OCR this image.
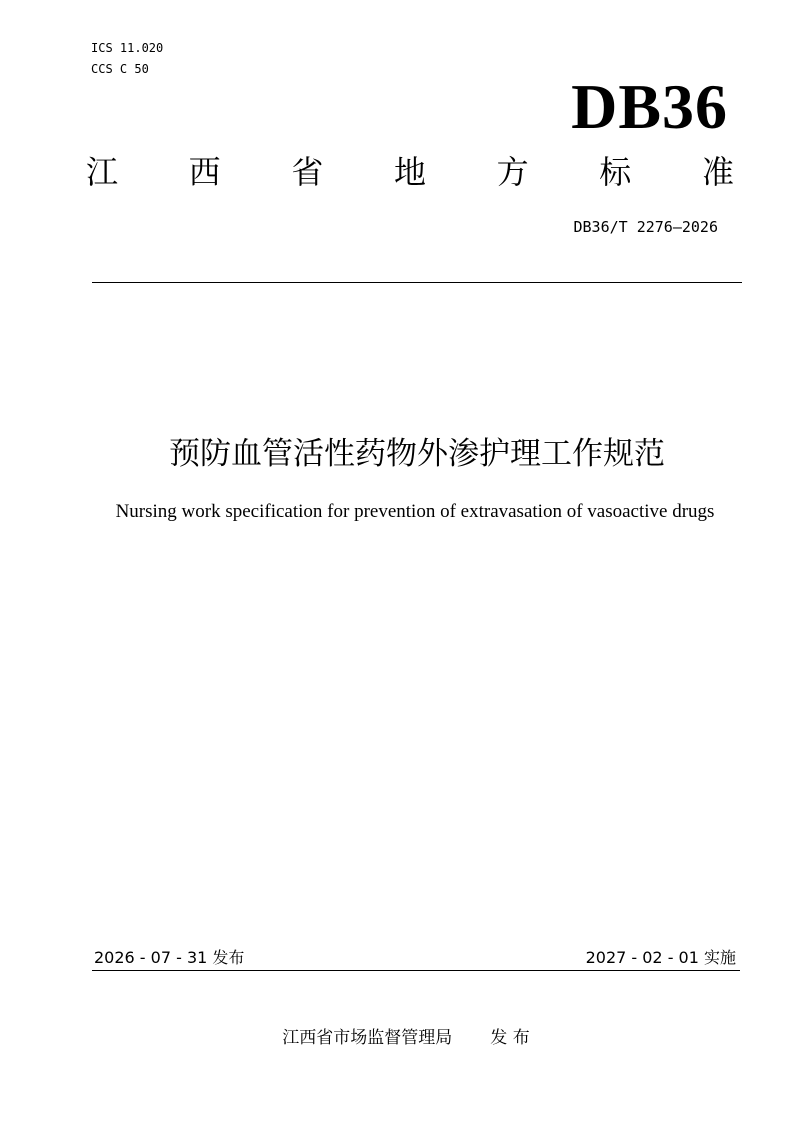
ICS 11.020
CCS C 50
DB36
江 西 省 地 方 标 准
DB36/T 2276—2026
预防血管活性药物外渗护理工作规范
Nursing work specification for prevention of extravasation of vasoactive drugs
2026 - 07 - 31 发布	2027 - 02 - 01 实施
江西省市场监督管理局 发 布
